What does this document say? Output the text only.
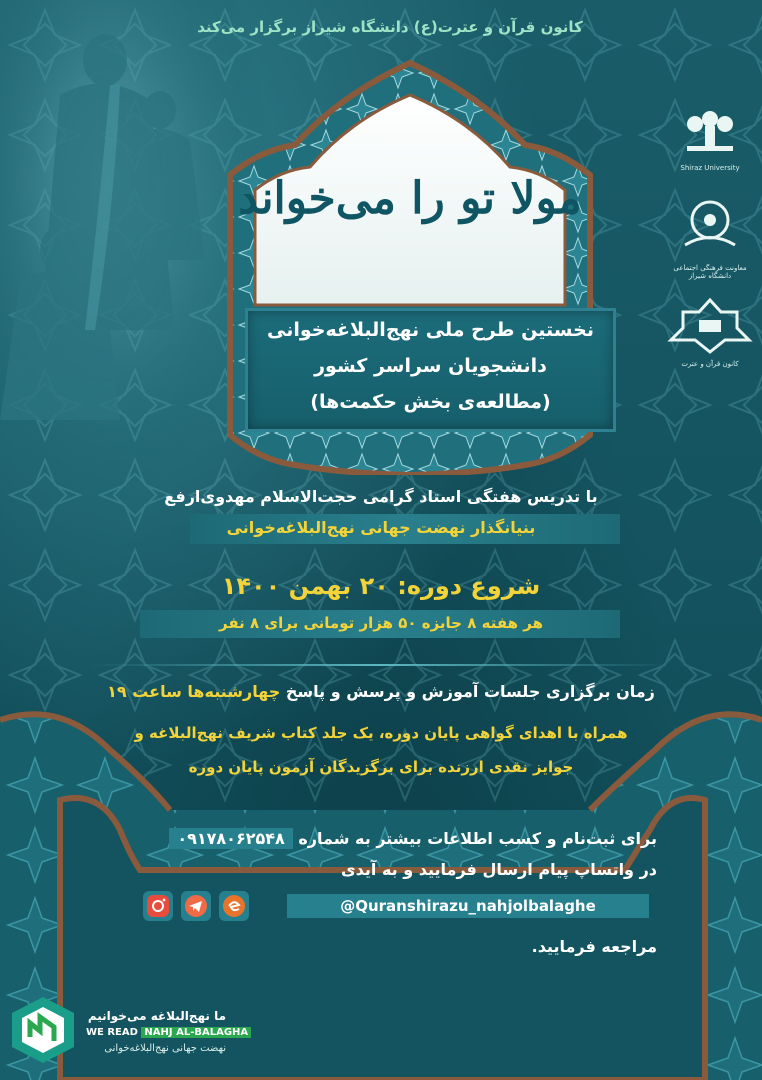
کانون قرآن و عترت(ع) دانشگاه شیراز برگزار می‌کند
مولا تو را می‌خواند
نخستین طرح ملی نهج‌البلاغه‌خوانی
دانشجویان سراسر کشور
(مطالعه‌ی بخش حکمت‌ها)
Shiraz University
معاونت فرهنگی اجتماعی دانشگاه شیراز
کانون قرآن و عترت
با تدریس هفتگی استاد گرامی حجت‌الاسلام مهدوی‌ارفع
بنیانگذار نهضت جهانی نهج‌البلاغه‌خوانی
شروع دوره: ۲۰ بهمن ۱۴۰۰
هر هفته ۸ جایزه ۵۰ هزار تومانی برای ۸ نفر
زمان برگزاری جلسات آموزش و پرسش و پاسخ چهارشنبه‌ها ساعت ۱۹
همراه با اهدای گواهی پایان دوره، یک جلد کتاب شریف نهج‌البلاغه و
جوایز نقدی ارزنده برای برگزیدگان آزمون پایان دوره
برای ثبت‌نام و کسب اطلاعات بیشتر به شماره ۰۹۱۷۸۰۶۲۵۴۸
در واتساپ پیام ارسال فرمایید و به آیدی
@Quranshirazu_nahjolbalaghe
مراجعه فرمایید.
ما نهج‌البلاغه می‌خوانیم
WE READ NAHJ AL-BALAGHA
نهضت جهانی نهج‌البلاغه‌خوانی
